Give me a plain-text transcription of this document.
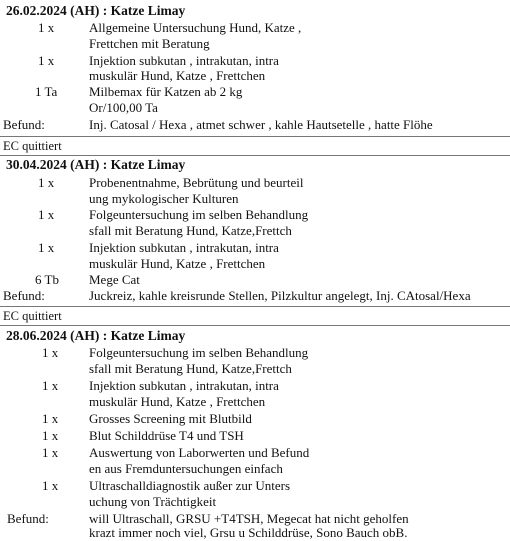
26.02.2024 (AH) : Katze Limay
1 x	Allgemeine Untersuchung Hund, Katze ,
Frettchen mit Beratung
1 x	Injektion subkutan , intrakutan, intra
muskulär Hund, Katze , Frettchen
1 Ta Milbemax für Katzen ab 2 kg
Or/100,00 Ta
Befund:	Inj. Catosal / Hexa , atmet schwer , kahle Hautsetelle , hatte Flöhe
EC quittiert
30.04.2024 (AH) : Katze Limay
1 x	Probenentnahme, Bebrütung und beurteil
ung mykologischer Kulturen
1 x	Folgeuntersuchung im selben Behandlung
sfall mit Beratung Hund, Katze,Frettch
1 x	Injektion subkutan , intrakutan, intra
muskulär Hund, Katze , Frettchen
6 Tb Mege Cat
Befund:	Juckreiz, kahle kreisrunde Stellen, Pilzkultur angelegt, Inj. CAtosal/Hexa
EC quittiert
28.06.2024 (AH) : Katze Limay
1 x Folgeuntersuchung im selben Behandlung
sfall mit Beratung Hund, Katze,Frettch
1 x Injektion subkutan , intrakutan, intra
muskulär Hund, Katze , Frettchen
1 x Grosses Screening mit Blutbild
1 x Blut Schilddrüse T4 und TSH
1 x Auswertung von Laborwerten und Befund
en aus Fremduntersuchungen einfach
1 x Ultraschalldiagnostik außer zur Unters
uchung von Trächtigkeit
Befund:	will Ultraschall, GRSU +T4TSH, Megecat hat nicht geholfen
krazt immer noch viel, Grsu u Schilddrüse, Sono Bauch obB.
